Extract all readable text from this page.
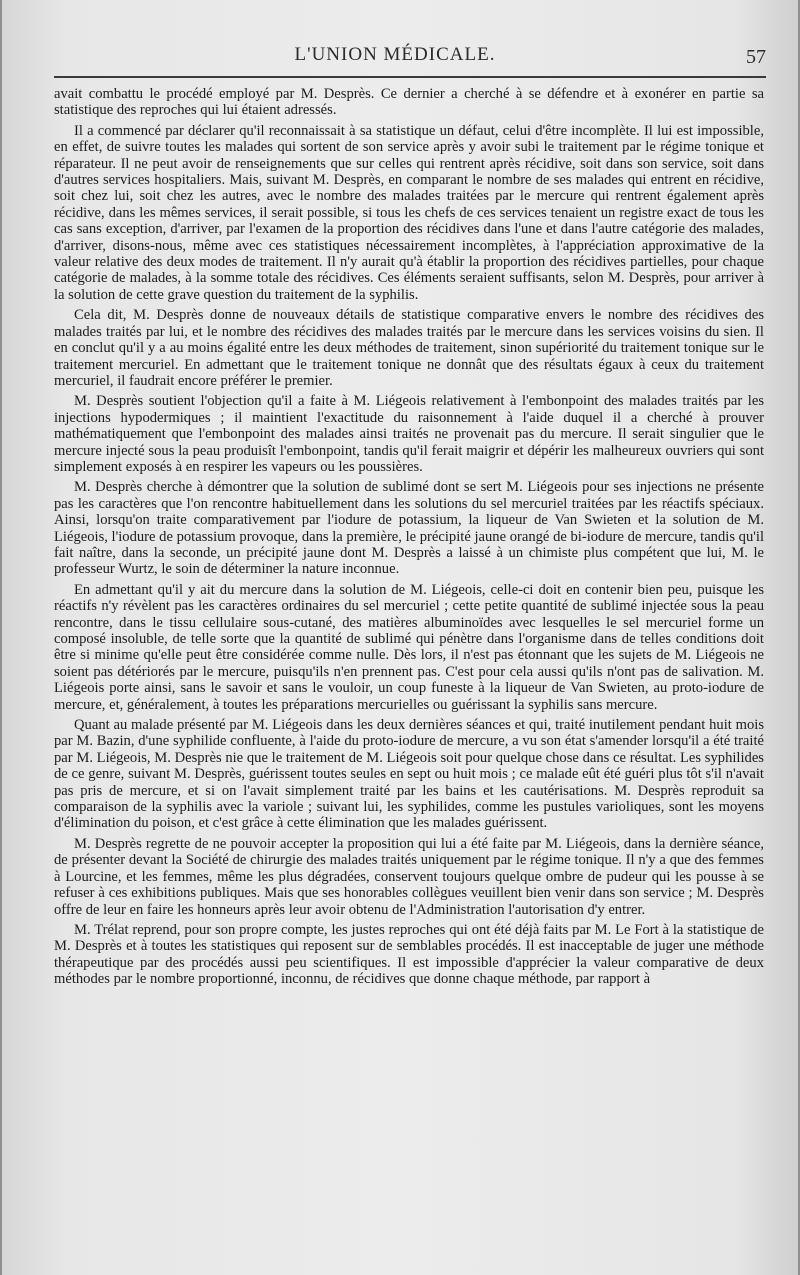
L'UNION MÉDICALE.	57

avait combattu le procédé employé par M. Desprès. Ce dernier a cherché à se défendre et à exonérer en partie sa statistique des reproches qui lui étaient adressés.

Il a commencé par déclarer qu'il reconnaissait à sa statistique un défaut, celui d'être incomplète. Il lui est impossible, en effet, de suivre toutes les malades qui sortent de son service après y avoir subi le traitement par le régime tonique et réparateur. Il ne peut avoir de renseignements que sur celles qui rentrent après récidive, soit dans son service, soit dans d'autres services hospitaliers. Mais, suivant M. Desprès, en comparant le nombre de ses malades qui entrent en récidive, soit chez lui, soit chez les autres, avec le nombre des malades traitées par le mercure qui rentrent également après récidive, dans les mêmes services, il serait possible, si tous les chefs de ces services tenaient un registre exact de tous les cas sans exception, d'arriver, par l'examen de la proportion des récidives dans l'une et dans l'autre catégorie des malades, d'arriver, disons-nous, même avec ces statistiques nécessairement incomplètes, à l'appréciation approximative de la valeur relative des deux modes de traitement. Il n'y aurait qu'à établir la proportion des récidives partielles, pour chaque catégorie de malades, à la somme totale des récidives. Ces éléments seraient suffisants, selon M. Desprès, pour arriver à la solution de cette grave question du traitement de la syphilis.

Cela dit, M. Desprès donne de nouveaux détails de statistique comparative envers le nombre des récidives des malades traités par lui, et le nombre des récidives des malades traités par le mercure dans les services voisins du sien. Il en conclut qu'il y a au moins égalité entre les deux méthodes de traitement, sinon supériorité du traitement tonique sur le traitement mercuriel. En admettant que le traitement tonique ne donnât que des résultats égaux à ceux du traitement mercuriel, il faudrait encore préférer le premier.

M. Desprès soutient l'objection qu'il a faite à M. Liégeois relativement à l'embonpoint des malades traités par les injections hypodermiques ; il maintient l'exactitude du raisonnement à l'aide duquel il a cherché à prouver mathématiquement que l'embonpoint des malades ainsi traités ne provenait pas du mercure. Il serait singulier que le mercure injecté sous la peau produisît l'embonpoint, tandis qu'il ferait maigrir et dépérir les malheureux ouvriers qui sont simplement exposés à en respirer les vapeurs ou les poussières.

M. Desprès cherche à démontrer que la solution de sublimé dont se sert M. Liégeois pour ses injections ne présente pas les caractères que l'on rencontre habituellement dans les solutions du sel mercuriel traitées par les réactifs spéciaux. Ainsi, lorsqu'on traite comparativement par l'iodure de potassium, la liqueur de Van Swieten et la solution de M. Liégeois, l'iodure de potassium provoque, dans la première, le précipité jaune orangé de bi-iodure de mercure, tandis qu'il fait naître, dans la seconde, un précipité jaune dont M. Desprès a laissé à un chimiste plus compétent que lui, M. le professeur Wurtz, le soin de déterminer la nature inconnue.

En admettant qu'il y ait du mercure dans la solution de M. Liégeois, celle-ci doit en contenir bien peu, puisque les réactifs n'y révèlent pas les caractères ordinaires du sel mercuriel ; cette petite quantité de sublimé injectée sous la peau rencontre, dans le tissu cellulaire sous-cutané, des matières albuminoïdes avec lesquelles le sel mercuriel forme un composé insoluble, de telle sorte que la quantité de sublimé qui pénètre dans l'organisme dans de telles conditions doit être si minime qu'elle peut être considérée comme nulle. Dès lors, il n'est pas étonnant que les sujets de M. Liégeois ne soient pas détériorés par le mercure, puisqu'ils n'en prennent pas. C'est pour cela aussi qu'ils n'ont pas de salivation. M. Liégeois porte ainsi, sans le savoir et sans le vouloir, un coup funeste à la liqueur de Van Swieten, au proto-iodure de mercure, et, généralement, à toutes les préparations mercurielles ou guérissant la syphilis sans mercure.

Quant au malade présenté par M. Liégeois dans les deux dernières séances et qui, traité inutilement pendant huit mois par M. Bazin, d'une syphilide confluente, à l'aide du proto-iodure de mercure, a vu son état s'amender lorsqu'il a été traité par M. Liégeois, M. Desprès nie que le traitement de M. Liégeois soit pour quelque chose dans ce résultat. Les syphilides de ce genre, suivant M. Desprès, guérissent toutes seules en sept ou huit mois ; ce malade eût été guéri plus tôt s'il n'avait pas pris de mercure, et si on l'avait simplement traité par les bains et les cautérisations. M. Desprès reproduit sa comparaison de la syphilis avec la variole ; suivant lui, les syphilides, comme les pustules varioliques, sont les moyens d'élimination du poison, et c'est grâce à cette élimination que les malades guérissent.

M. Desprès regrette de ne pouvoir accepter la proposition qui lui a été faite par M. Liégeois, dans la dernière séance, de présenter devant la Société de chirurgie des malades traités uniquement par le régime tonique. Il n'y a que des femmes à Lourcine, et les femmes, même les plus dégradées, conservent toujours quelque ombre de pudeur qui les pousse à se refuser à ces exhibitions publiques. Mais que ses honorables collègues veuillent bien venir dans son service ; M. Desprès offre de leur en faire les honneurs après leur avoir obtenu de l'Administration l'autorisation d'y entrer.

M. Trélat reprend, pour son propre compte, les justes reproches qui ont été déjà faits par M. Le Fort à la statistique de M. Desprès et à toutes les statistiques qui reposent sur de semblables procédés. Il est inacceptable de juger une méthode thérapeutique par des procédés aussi peu scientifiques. Il est impossible d'apprécier la valeur comparative de deux méthodes par le nombre proportionné, inconnu, de récidives que donne chaque méthode, par rapport à
